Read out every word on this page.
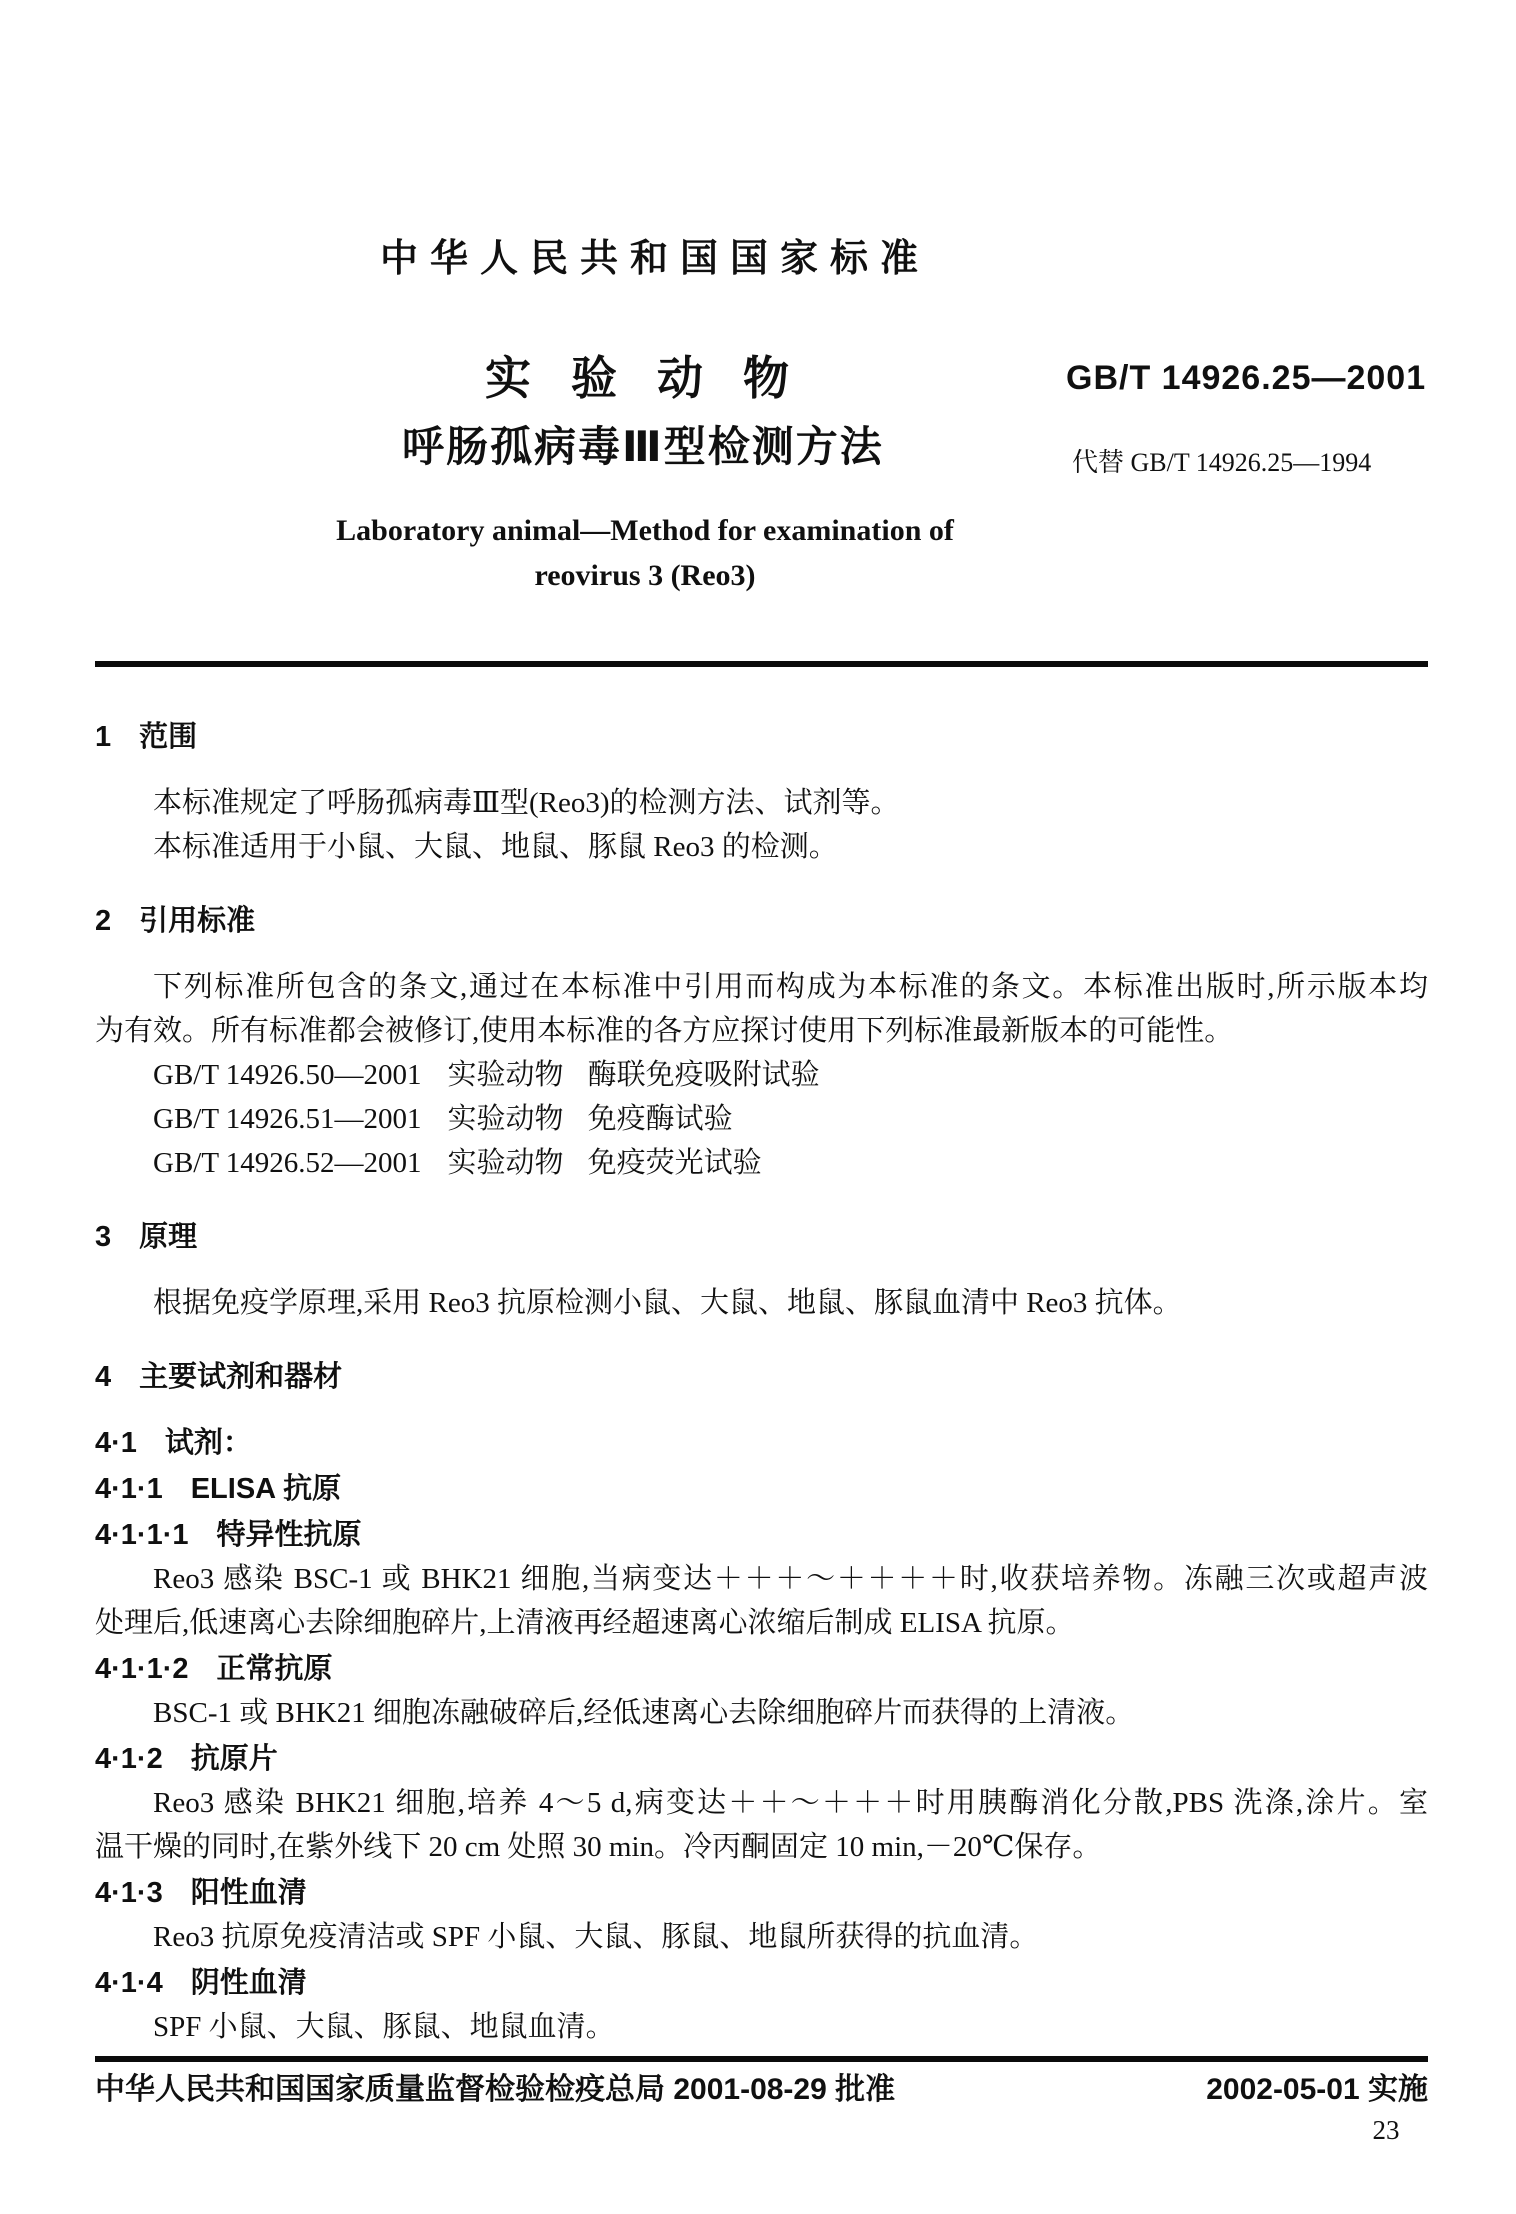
中华人民共和国国家标准
实验动物	GB/T 14926.25—2001
呼肠孤病毒Ⅲ型检测方法	代替 GB/T 14926.25—1994
Laboratory animal—Method for examination of
reovirus 3 (Reo3)
1 范围
本标准规定了呼肠孤病毒Ⅲ型(Reo3)的检测方法、试剂等。
本标准适用于小鼠、大鼠、地鼠、豚鼠 Reo3 的检测。
2 引用标准
下列标准所包含的条文,通过在本标准中引用而构成为本标准的条文。本标准出版时,所示版本均
为有效。所有标准都会被修订,使用本标准的各方应探讨使用下列标准最新版本的可能性。
GB/T 14926.50—2001 实验动物 酶联免疫吸附试验
GB/T 14926.51—2001 实验动物 免疫酶试验
GB/T 14926.52—2001 实验动物 免疫荧光试验
3 原理
根据免疫学原理,采用 Reo3 抗原检测小鼠、大鼠、地鼠、豚鼠血清中 Reo3 抗体。
4 主要试剂和器材
4·1 试剂：
4·1·1 ELISA 抗原
4·1·1·1 特异性抗原
Reo3 感染 BSC-1 或 BHK21 细胞,当病变达＋＋＋～＋＋＋＋时,收获培养物。冻融三次或超声波
处理后,低速离心去除细胞碎片,上清液再经超速离心浓缩后制成 ELISA 抗原。
4·1·1·2 正常抗原
BSC-1 或 BHK21 细胞冻融破碎后,经低速离心去除细胞碎片而获得的上清液。
4·1·2 抗原片
Reo3 感染 BHK21 细胞,培养 4～5 d,病变达＋＋～＋＋＋时用胰酶消化分散,PBS 洗涤,涂片。室
温干燥的同时,在紫外线下 20 cm 处照 30 min。冷丙酮固定 10 min,－20℃保存。
4·1·3 阳性血清
Reo3 抗原免疫清洁或 SPF 小鼠、大鼠、豚鼠、地鼠所获得的抗血清。
4·1·4 阴性血清
SPF 小鼠、大鼠、豚鼠、地鼠血清。
中华人民共和国国家质量监督检验检疫总局 2001-08-29 批准	2002-05-01 实施
23
